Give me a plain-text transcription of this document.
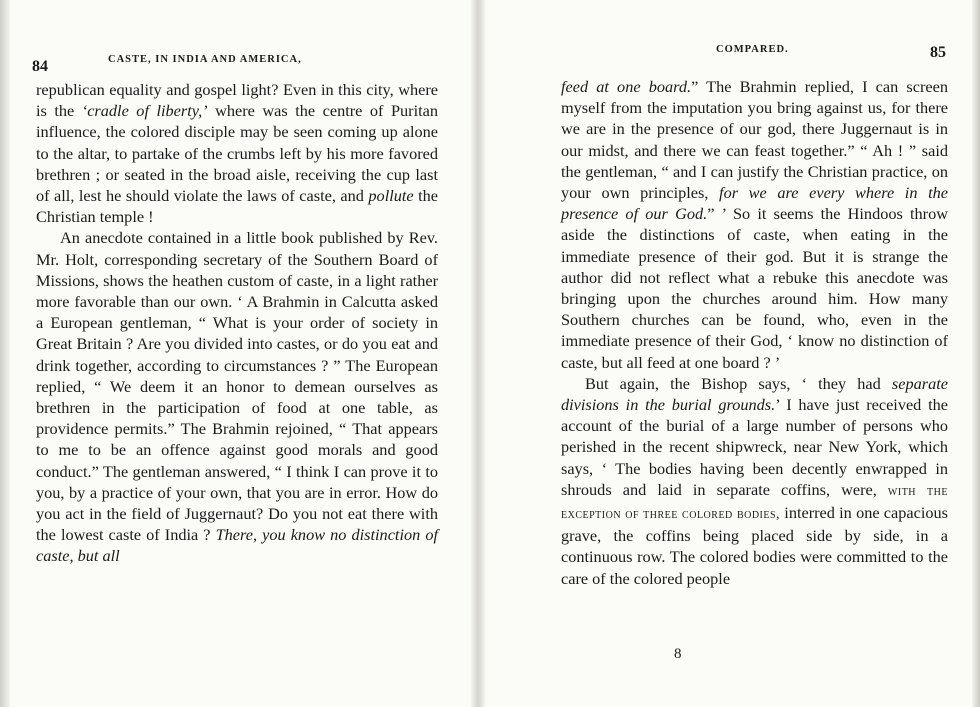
84	CASTE, IN INDIA AND AMERICA,

republican equality and gospel light? Even in this city, where is the ‘cradle of liberty,’ where was the centre of Puritan influence, the colored disciple may be seen coming up alone to the altar, to partake of the crumbs left by his more favored brethren ; or seated in the broad aisle, receiving the cup last of all, lest he should violate the laws of caste, and pollute the Christian temple !

An anecdote contained in a little book published by Rev. Mr. Holt, corresponding secretary of the Southern Board of Missions, shows the heathen custom of caste, in a light rather more favorable than our own. ‘ A Brahmin in Calcutta asked a European gentleman, “ What is your order of society in Great Britain ? Are you divided into castes, or do you eat and drink together, according to circumstances ? ” The European replied, “ We deem it an honor to demean ourselves as brethren in the participation of food at one table, as providence permits.” The Brahmin rejoined, “ That appears to me to be an offence against good morals and good conduct.” The gentleman answered, “ I think I can prove it to you, by a practice of your own, that you are in error. How do you act in the field of Juggernaut? Do you not eat there with the lowest caste of India ? There, you know no distinction of caste, but all

COMPARED.	85

feed at one board.” The Brahmin replied, I can screen myself from the imputation you bring against us, for there we are in the presence of our god, there Juggernaut is in our midst, and there we can feast together.” “ Ah ! ” said the gentleman, “ and I can justify the Christian practice, on your own principles, for we are every where in the presence of our God.” ’ So it seems the Hindoos throw aside the distinctions of caste, when eating in the immediate presence of their god. But it is strange the author did not reflect what a rebuke this anecdote was bringing upon the churches around him. How many Southern churches can be found, who, even in the immediate presence of their God, ‘ know no distinction of caste, but all feed at one board ? ’

But again, the Bishop says, ‘ they had separate divisions in the burial grounds.’ I have just received the account of the burial of a large number of persons who perished in the recent shipwreck, near New York, which says, ‘ The bodies having been decently enwrapped in shrouds and laid in separate coffins, were, with the exception of three colored bodies, interred in one capacious grave, the coffins being placed side by side, in a continuous row. The colored bodies were committed to the care of the colored people

8
